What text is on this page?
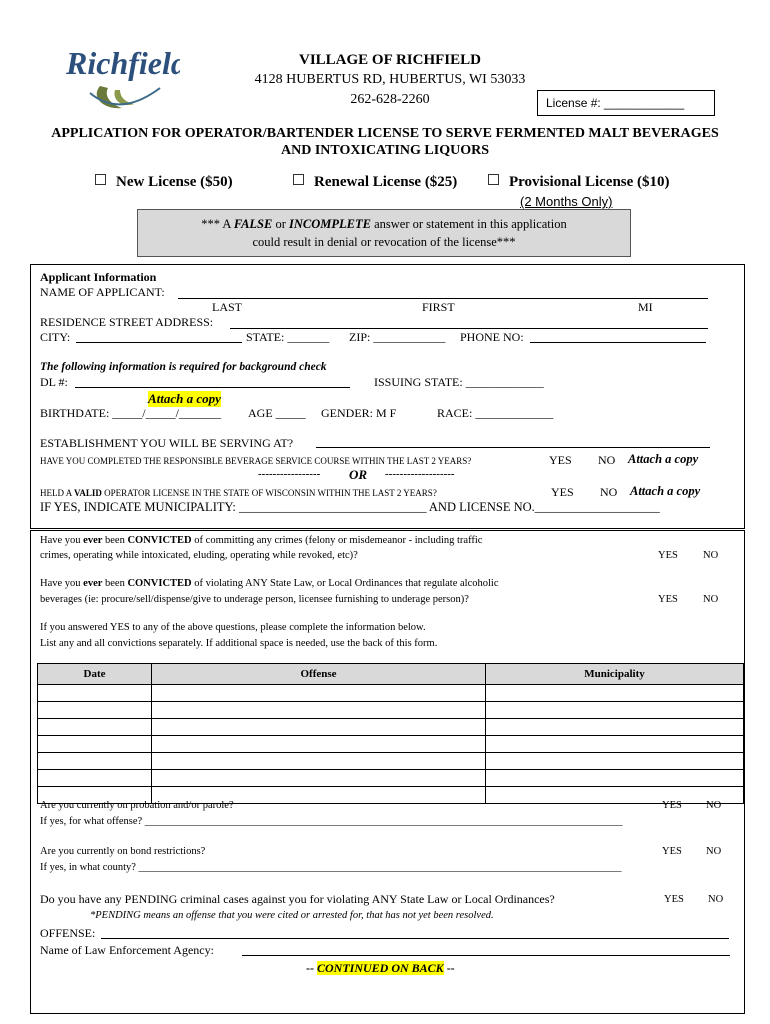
Richfield	VILLAGE OF RICHFIELD
4128 HUBERTUS RD, HUBERTUS, WI 53033
262-628-2260	License #: ____________
APPLICATION FOR OPERATOR/BARTENDER LICENSE TO SERVE FERMENTED MALT BEVERAGES
AND INTOXICATING LIQUORS
New License ($50)	Renewal License ($25)	Provisional License ($10)
(2 Months Only)
*** A FALSE or INCOMPLETE answer or statement in this application
could result in denial or revocation of the license***
Applicant Information
NAME OF APPLICANT:
LAST	FIRST	MI
RESIDENCE STREET ADDRESS:
CITY:	STATE: _______ ZIP: ____________ PHONE NO:
The following information is required for background check
DL #:	ISSUING STATE: _____________
Attach a copy
BIRTHDATE: _____/_____/_______ AGE _____ GENDER: M F	RACE: _____________
ESTABLISHMENT YOU WILL BE SERVING AT?
HAVE YOU COMPLETED THE RESPONSIBLE BEVERAGE SERVICE COURSE WITHIN THE LAST 2 YEARS?	YES NO Attach a copy
----------------- OR -------------------
HELD A VALID OPERATOR LICENSE IN THE STATE OF WISCONSIN WITHIN THE LAST 2 YEARS?	YES NO Attach a copy
IF YES, INDICATE MUNICIPALITY: ______________________________ AND LICENSE NO.____________________
Have you ever been CONVICTED of committing any crimes (felony or misdemeanor - including traffic
crimes, operating while intoxicated, eluding, operating while revoked, etc)?	YES NO
Have you ever been CONVICTED of violating ANY State Law, or Local Ordinances that regulate alcoholic
beverages (ie: procure/sell/dispense/give to underage person, licensee furnishing to underage person)?	YES NO
If you answered YES to any of the above questions, please complete the information below.
List any and all convictions separately. If additional space is needed, use the back of this form.
Date	Offense	Municipality

Are you currently on probation and/or parole?	YES NO
If yes, for what offense? ___________________________________________________________________________________________
Are you currently on bond restrictions?	YES NO
If yes, in what county? ____________________________________________________________________________________________
Do you have any PENDING criminal cases against you for violating ANY State Law or Local Ordinances?	YES NO
*PENDING means an offense that you were cited or arrested for, that has not yet been resolved.
OFFENSE:
Name of Law Enforcement Agency:
-- CONTINUED ON BACK --
